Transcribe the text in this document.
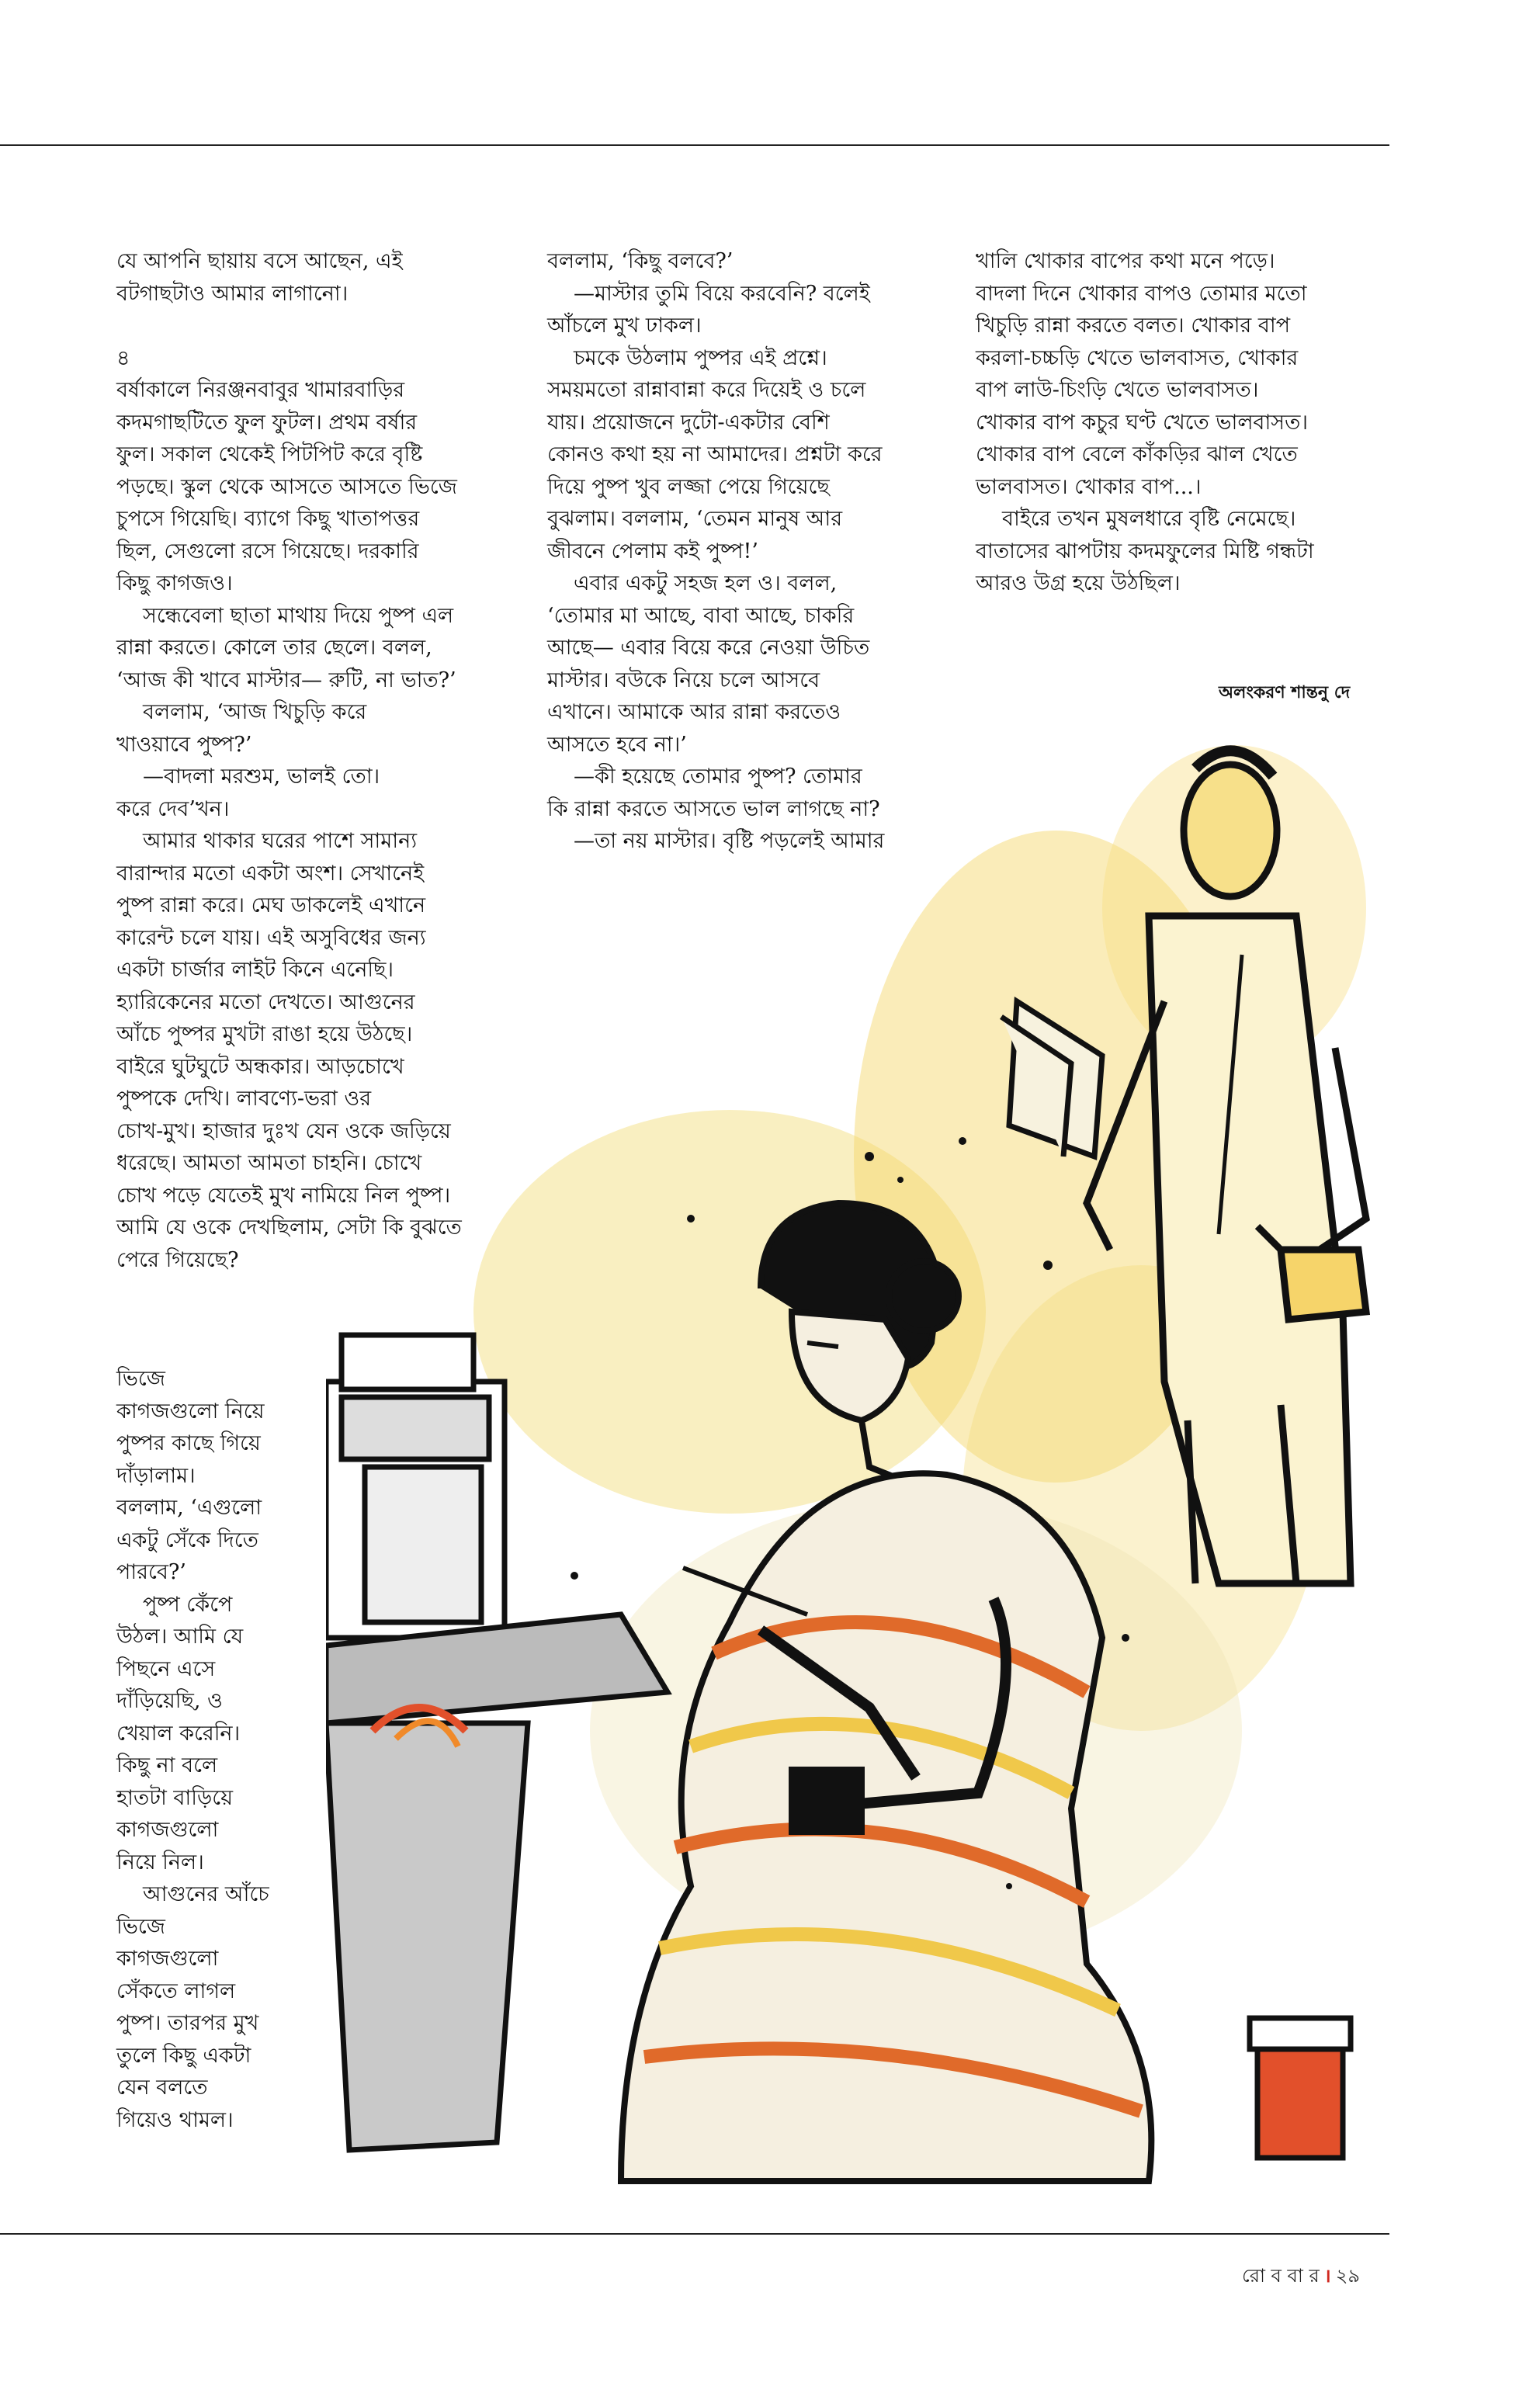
যে আপনি ছায়ায় বসে আছেন, এই

বটগাছটাও আমার লাগানো।

৪

বর্ষাকালে নিরঞ্জনবাবুর খামারবাড়ির

কদমগাছটিতে ফুল ফুটল। প্রথম বর্ষার

ফুল। সকাল থেকেই পিটপিট করে বৃষ্টি

পড়ছে। স্কুল থেকে আসতে আসতে ভিজে

চুপসে গিয়েছি। ব্যাগে কিছু খাতাপত্তর

ছিল, সেগুলো রসে গিয়েছে। দরকারি

কিছু কাগজও।

সন্ধেবেলা ছাতা মাথায় দিয়ে পুষ্প এল

রান্না করতে। কোলে তার ছেলে। বলল,

‘আজ কী খাবে মাস্টার— রুটি, না ভাত?’

বললাম, ‘আজ খিচুড়ি করে

খাওয়াবে পুষ্প?’

—বাদলা মরশুম, ভালই তো।

করে দেব’খন।

আমার থাকার ঘরের পাশে সামান্য

বারান্দার মতো একটা অংশ। সেখানেই

পুষ্প রান্না করে। মেঘ ডাকলেই এখানে

কারেন্ট চলে যায়। এই অসুবিধের জন্য

একটা চার্জার লাইট কিনে এনেছি।

হ্যারিকেনের মতো দেখতে। আগুনের

আঁচে পুষ্পর মুখটা রাঙা হয়ে উঠছে।

বাইরে ঘুটঘুটে অন্ধকার। আড়চোখে

পুষ্পকে দেখি। লাবণ্যে-ভরা ওর

চোখ-মুখ। হাজার দুঃখ যেন ওকে জড়িয়ে

ধরেছে। আমতা আমতা চাহনি। চোখে

চোখ পড়ে যেতেই মুখ নামিয়ে নিল পুষ্প।

আমি যে ওকে দেখছিলাম, সেটা কি বুঝতে

পেরে গিয়েছে?

ভিজে

কাগজগুলো নিয়ে

পুষ্পর কাছে গিয়ে

দাঁড়ালাম।

বললাম, ‘এগুলো

একটু সেঁকে দিতে

পারবে?’

পুষ্প কেঁপে

উঠল। আমি যে

পিছনে এসে

দাঁড়িয়েছি, ও

খেয়াল করেনি।

কিছু না বলে

হাতটা বাড়িয়ে

কাগজগুলো

নিয়ে নিল।

আগুনের আঁচে

ভিজে

কাগজগুলো

সেঁকতে লাগল

পুষ্প। তারপর মুখ

তুলে কিছু একটা

যেন বলতে

গিয়েও থামল।

বললাম, ‘কিছু বলবে?’

—মাস্টার তুমি বিয়ে করবেনি? বলেই

আঁচলে মুখ ঢাকল।

চমকে উঠলাম পুষ্পর এই প্রশ্নে।

সময়মতো রান্নাবান্না করে দিয়েই ও চলে

যায়। প্রয়োজনে দুটো-একটার বেশি

কোনও কথা হয় না আমাদের। প্রশ্নটা করে

দিয়ে পুষ্প খুব লজ্জা পেয়ে গিয়েছে

বুঝলাম। বললাম, ‘তেমন মানুষ আর

জীবনে পেলাম কই পুষ্প!’

এবার একটু সহজ হল ও। বলল,

‘তোমার মা আছে, বাবা আছে, চাকরি

আছে— এবার বিয়ে করে নেওয়া উচিত

মাস্টার। বউকে নিয়ে চলে আসবে

এখানে। আমাকে আর রান্না করতেও

আসতে হবে না।’

—কী হয়েছে তোমার পুষ্প? তোমার

কি রান্না করতে আসতে ভাল লাগছে না?

—তা নয় মাস্টার। বৃষ্টি পড়লেই আমার

খালি খোকার বাপের কথা মনে পড়ে।

বাদলা দিনে খোকার বাপও তোমার মতো

খিচুড়ি রান্না করতে বলত। খোকার বাপ

করলা-চচ্চড়ি খেতে ভালবাসত, খোকার

বাপ লাউ-চিংড়ি খেতে ভালবাসত।

খোকার বাপ কচুর ঘণ্ট খেতে ভালবাসত।

খোকার বাপ বেলে কাঁকড়ির ঝাল খেতে

ভালবাসত। খোকার বাপ...।

বাইরে তখন মুষলধারে বৃষ্টি নেমেছে।

বাতাসের ঝাপটায় কদমফুলের মিষ্টি গন্ধটা

আরও উগ্র হয়ে উঠছিল।

অলংকরণ শান্তনু দে
রো ব বা র । ২৯
